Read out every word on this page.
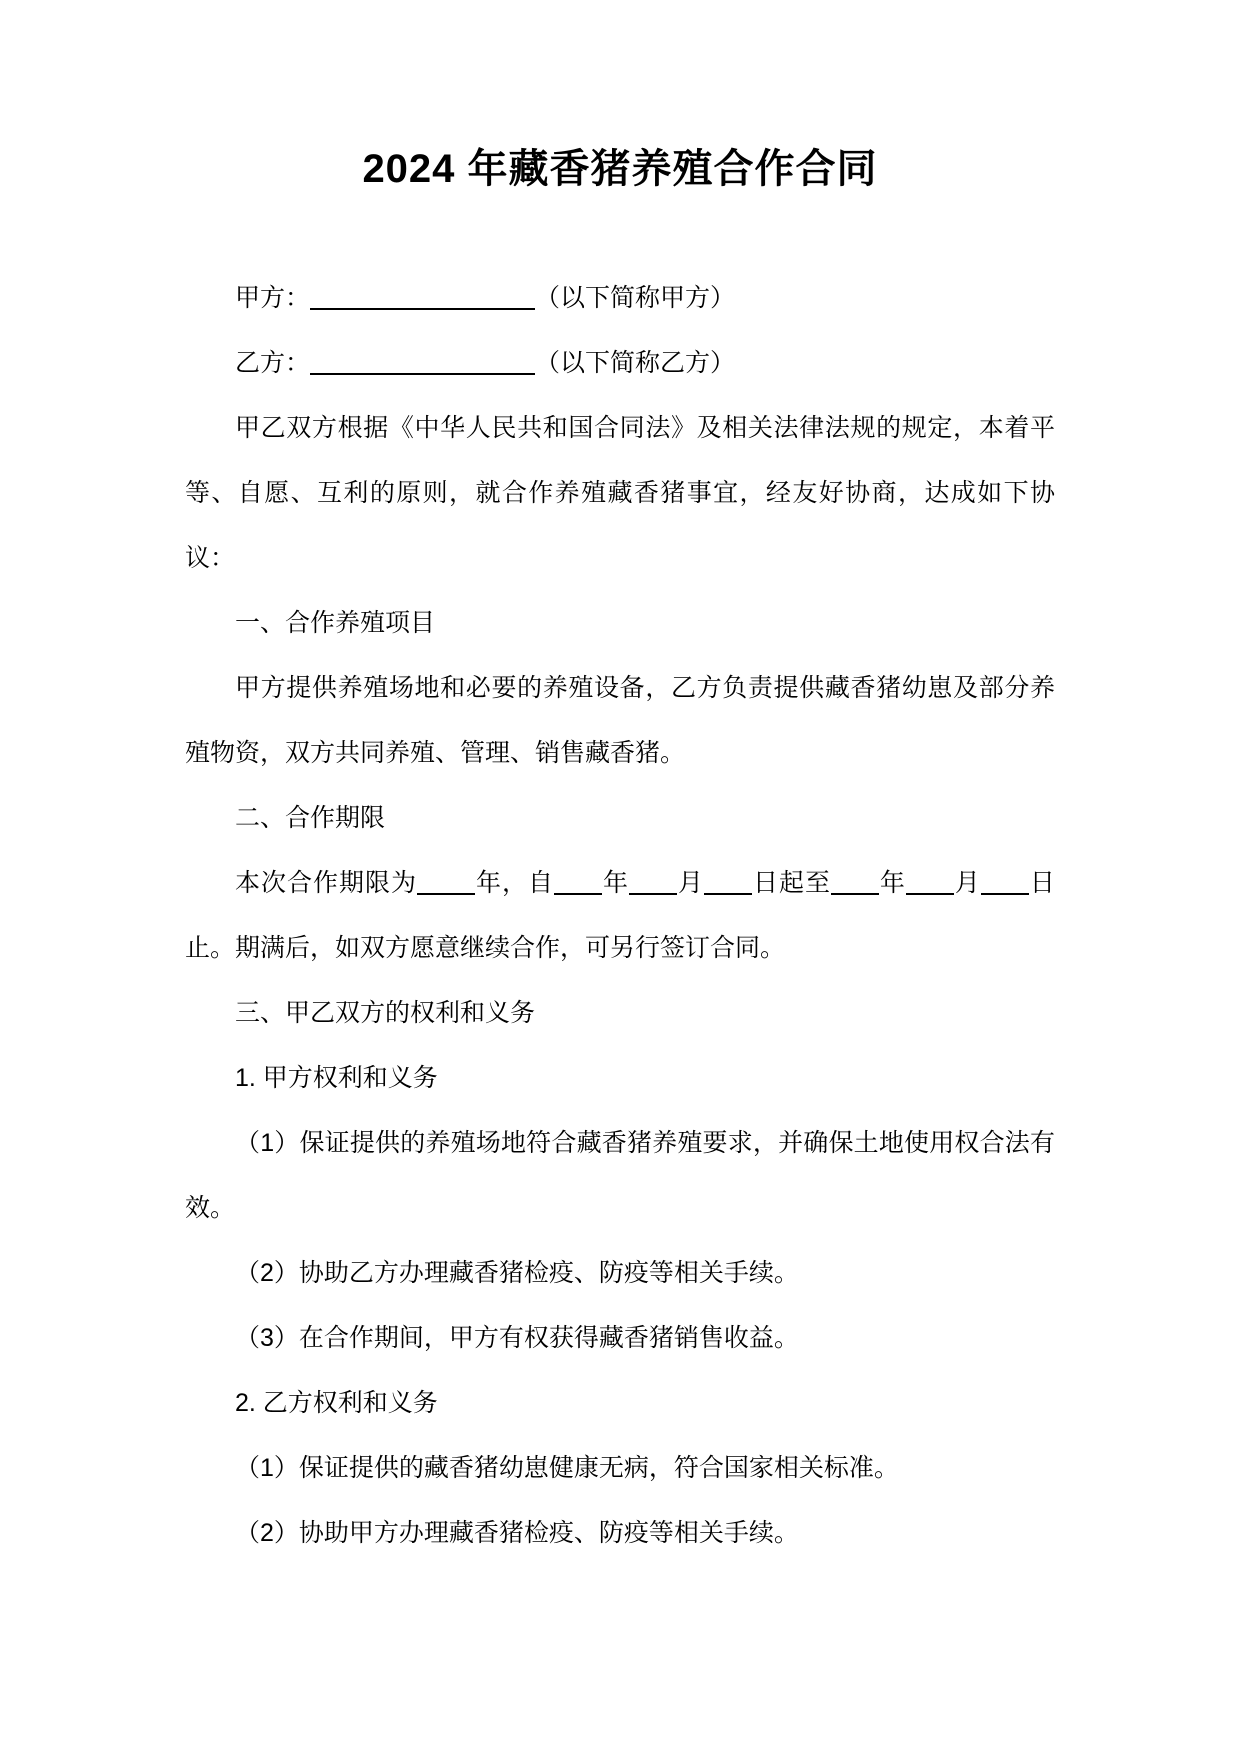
2024 年藏香猪养殖合作合同

甲方：	（以下简称甲方）

乙方：	（以下简称乙方）

甲乙双方根据《中华人民共和国合同法》及相关法律法规的规定，本着平等、自愿、互利的原则，就合作养殖藏香猪事宜，经友好协商，达成如下协议：

一、合作养殖项目

甲方提供养殖场地和必要的养殖设备，乙方负责提供藏香猪幼崽及部分养殖物资，双方共同养殖、管理、销售藏香猪。

二、合作期限

本次合作期限为 年，自 年 月 日起至 年 月 日止。期满后，如双方愿意继续合作，可另行签订合同。

三、甲乙双方的权利和义务

1. 甲方权利和义务

（1）保证提供的养殖场地符合藏香猪养殖要求，并确保土地使用权合法有效。

（2）协助乙方办理藏香猪检疫、防疫等相关手续。

（3）在合作期间，甲方有权获得藏香猪销售收益。

2. 乙方权利和义务

（1）保证提供的藏香猪幼崽健康无病，符合国家相关标准。

（2）协助甲方办理藏香猪检疫、防疫等相关手续。
